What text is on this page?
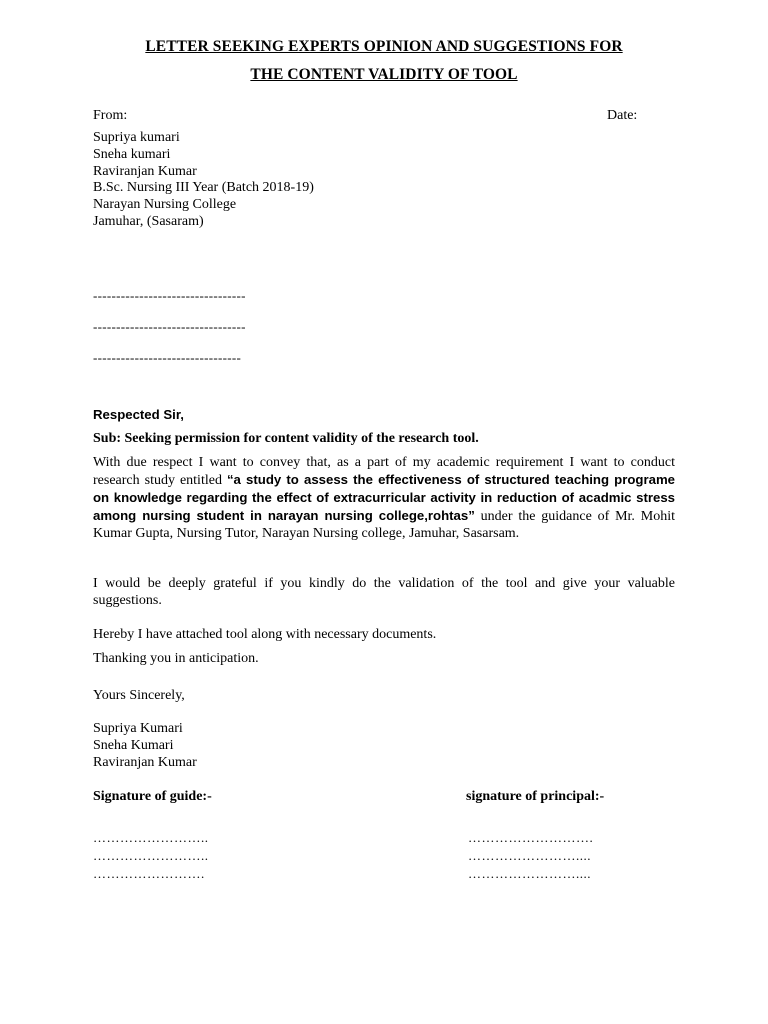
LETTER SEEKING EXPERTS OPINION AND SUGGESTIONS FOR
THE CONTENT VALIDITY OF TOOL
From:	Date:
Supriya kumari
Sneha kumari
Raviranjan Kumar
B.Sc. Nursing III Year (Batch 2018-19)
Narayan Nursing College
Jamuhar, (Sasaram)
---------------------------------
---------------------------------
--------------------------------
Respected Sir,
Sub: Seeking permission for content validity of the research tool.
With due respect I want to convey that, as a part of my academic requirement I want to conduct research study entitled “a study to assess the effectiveness of structured teaching programe on knowledge regarding the effect of extracurricular activity in reduction of acadmic stress among nursing student in narayan nursing college,rohtas” under the guidance of Mr. Mohit Kumar Gupta, Nursing Tutor, Narayan Nursing college, Jamuhar, Sasarsam.
I would be deeply grateful if you kindly do the validation of the tool and give your valuable suggestions.
Hereby I have attached tool along with necessary documents.
Thanking you in anticipation.
Yours Sincerely,
Supriya Kumari
Sneha Kumari
Raviranjan Kumar
Signature of guide:-	signature of principal:-
……………………..
……………………..
…………………….
……………………….
……………………....
……………………....
